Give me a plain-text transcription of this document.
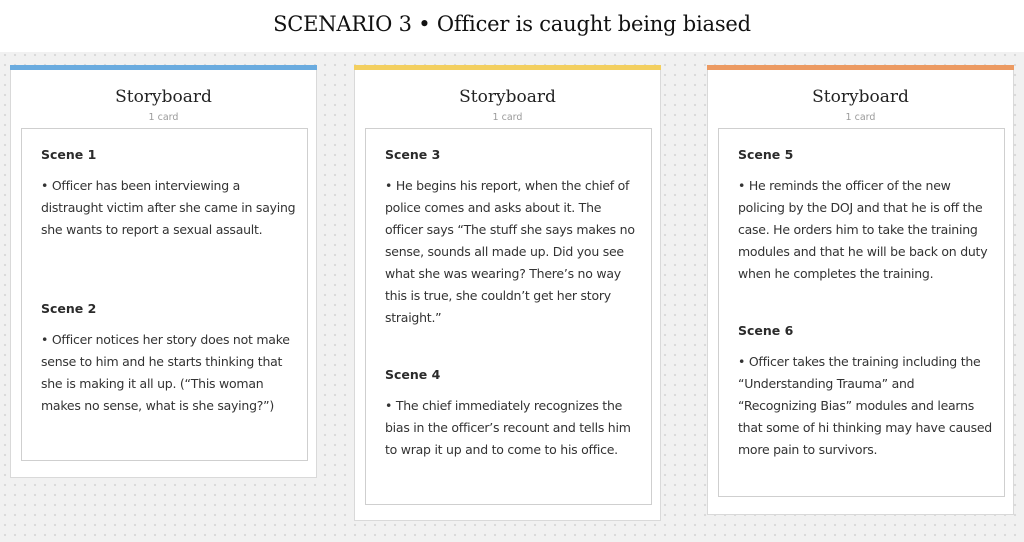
SCENARIO 3 • Officer is caught being biased
Storyboard
1 card
Scene 1
• Officer has been interviewing a distraught victim after she came in saying she wants to report a sexual assault.
Scene 2
• Officer notices her story does not make sense to him and he starts thinking that she is making it all up. (“This woman makes no sense, what is she saying?”)
Storyboard
1 card
Scene 3
• He begins his report, when the chief of police comes and asks about it. The officer says “The stuff she says makes no sense, sounds all made up. Did you see what she was wearing? There’s no way this is true, she couldn’t get her story straight.”
Scene 4
• The chief immediately recognizes the bias in the officer’s recount and tells him to wrap it up and to come to his office.
Storyboard
1 card
Scene 5
• He reminds the officer of the new policing by the DOJ and that he is off the case. He orders him to take the training modules and that he will be back on duty when he completes the training.
Scene 6
• Officer takes the training including the “Understanding Trauma” and “Recognizing Bias” modules and learns that some of hi thinking may have caused more pain to survivors.
